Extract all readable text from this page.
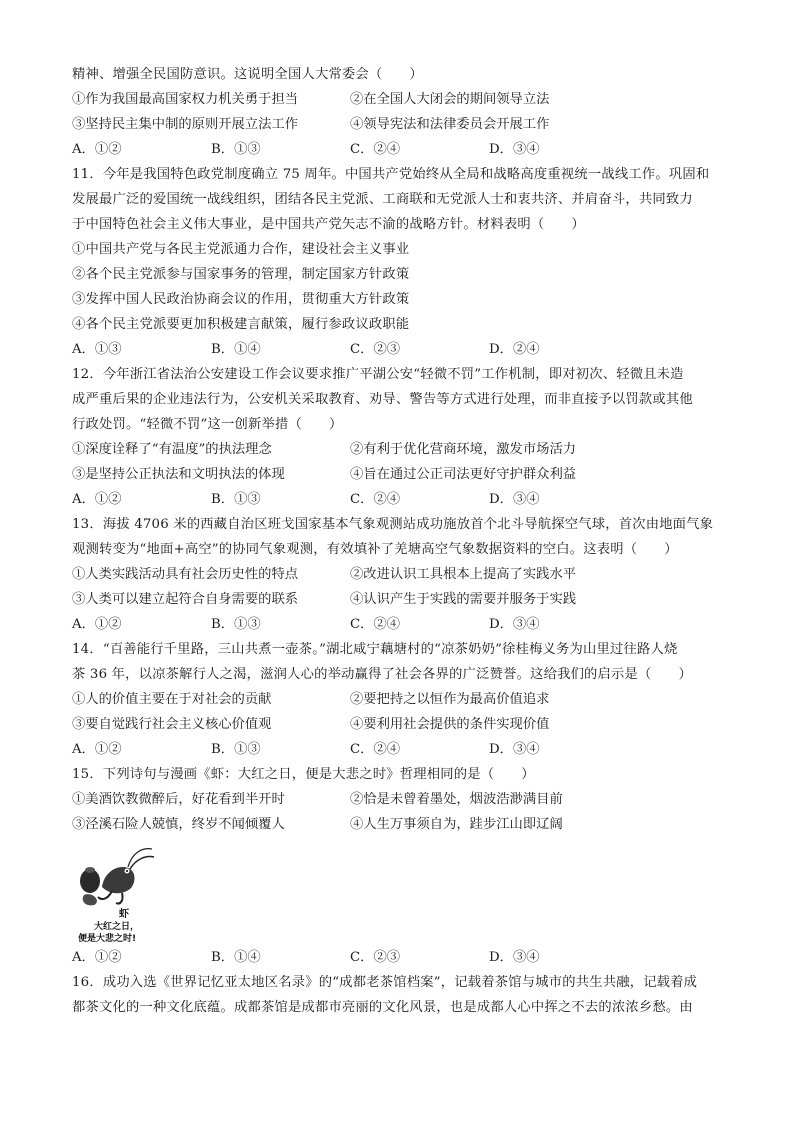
精神、增强全民国防意识。这说明全国人大常委会（　　）
①作为我国最高国家权力机关勇于担当	②在全国人大闭会的期间领导立法
③坚持民主集中制的原则开展立法工作	④领导宪法和法律委员会开展工作
A．①②	B．①③	C．②④	D．③④
11．今年是我国特色政党制度确立 75 周年。中国共产党始终从全局和战略高度重视统一战线工作。巩固和
发展最广泛的爱国统一战线组织，团结各民主党派、工商联和无党派人士和衷共济、并肩奋斗，共同致力
于中国特色社会主义伟大事业，是中国共产党矢志不渝的战略方针。材料表明（　　）
①中国共产党与各民主党派通力合作，建设社会主义事业
②各个民主党派参与国家事务的管理，制定国家方针政策
③发挥中国人民政治协商会议的作用，贯彻重大方针政策
④各个民主党派要更加积极建言献策，履行参政议政职能
A．①③	B．①④	C．②③	D．②④
12．今年浙江省法治公安建设工作会议要求推广平湖公安“轻微不罚”工作机制，即对初次、轻微且未造
成严重后果的企业违法行为，公安机关采取教育、劝导、警告等方式进行处理，而非直接予以罚款或其他
行政处罚。“轻微不罚”这一创新举措（　　）
①深度诠释了“有温度”的执法理念	②有利于优化营商环境，激发市场活力
③是坚持公正执法和文明执法的体现	④旨在通过公正司法更好守护群众利益
A．①②	B．①③	C．②④	D．③④
13．海拔 4706 米的西藏自治区班戈国家基本气象观测站成功施放首个北斗导航探空气球，首次由地面气象
观测转变为“地面+高空”的协同气象观测，有效填补了羌塘高空气象数据资料的空白。这表明（　　）
①人类实践活动具有社会历史性的特点	②改进认识工具根本上提高了实践水平
③人类可以建立起符合自身需要的联系	④认识产生于实践的需要并服务于实践
A．①②	B．①③	C．②④	D．③④
14．“百善能行千里路，三山共煮一壶茶。”湖北咸宁藕塘村的“凉茶奶奶”徐桂梅义务为山里过往路人烧
茶 36 年，以凉茶解行人之渴，滋润人心的举动赢得了社会各界的广泛赞誉。这给我们的启示是（　　）
①人的价值主要在于对社会的贡献	②要把持之以恒作为最高价值追求
③要自觉践行社会主义核心价值观	④要利用社会提供的条件实现价值
A．①②	B．①③	C．②④	D．③④
15．下列诗句与漫画《虾：大红之日，便是大悲之时》哲理相同的是（　　）
①美酒饮教微醉后，好花看到半开时	②恰是未曾着墨处，烟波浩渺满目前
③泾溪石险人兢慎，终岁不闻倾覆人	④人生万事须自为，跬步江山即辽阔
虾
大红之日，
便是大悲之时!
A．①②	B．①④	C．②③	D．③④
16．成功入选《世界记忆亚太地区名录》的“成都老茶馆档案”，记载着茶馆与城市的共生共融，记载着成
都茶文化的一种文化底蕴。成都茶馆是成都市亮丽的文化风景，也是成都人心中挥之不去的浓浓乡愁。由
